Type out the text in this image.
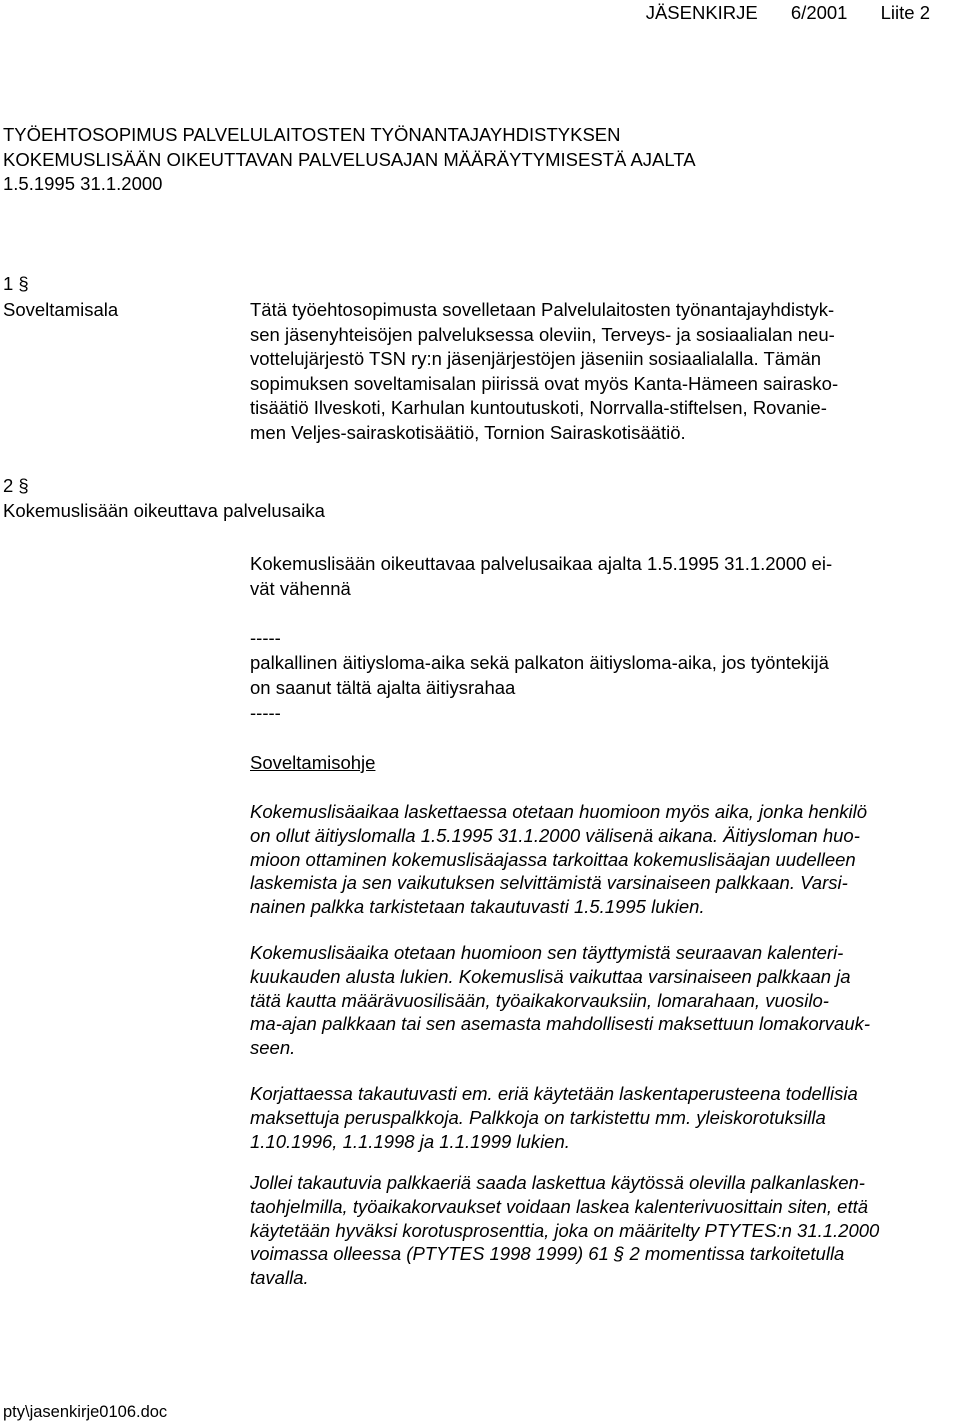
JÄSENKIRJE 6/2001 Liite 2
TYÖEHTOSOPIMUS PALVELULAITOSTEN TYÖNANTAJAYHDISTYKSEN
KOKEMUSLISÄÄN OIKEUTTAVAN PALVELUSAJAN MÄÄRÄYTYMISESTÄ AJALTA
1.5.1995 31.1.2000
1 §
Soveltamisala	Tätä työehtosopimusta sovelletaan Palvelulaitosten työnantajayhdistyk-
sen jäsenyhteisöjen palveluksessa oleviin, Terveys- ja sosiaalialan neu-
vottelujärjestö TSN ry:n jäsenjärjestöjen jäseniin sosiaalialalla. Tämän
sopimuksen soveltamisalan piirissä ovat myös Kanta-Hämeen sairasko-
tisäätiö Ilveskoti, Karhulan kuntoutuskoti, Norrvalla-stiftelsen, Rovanie-
men Veljes-sairaskotisäätiö, Tornion Sairaskotisäätiö.
2 §
Kokemuslisään oikeuttava palvelusaika
Kokemuslisään oikeuttavaa palvelusaikaa ajalta 1.5.1995 31.1.2000 ei-
vät vähennä
-----
palkallinen äitiysloma-aika sekä palkaton äitiysloma-aika, jos työntekijä
on saanut tältä ajalta äitiysrahaa
-----
Soveltamisohje
Kokemuslisäaikaa laskettaessa otetaan huomioon myös aika, jonka henkilö
on ollut äitiyslomalla 1.5.1995 31.1.2000 välisenä aikana. Äitiysloman huo-
mioon ottaminen kokemuslisäajassa tarkoittaa kokemuslisäajan uudelleen
laskemista ja sen vaikutuksen selvittämistä varsinaiseen palkkaan. Varsi-
nainen palkka tarkistetaan takautuvasti 1.5.1995 lukien.
Kokemuslisäaika otetaan huomioon sen täyttymistä seuraavan kalenteri-
kuukauden alusta lukien. Kokemuslisä vaikuttaa varsinaiseen palkkaan ja
tätä kautta määrävuosilisään, työaikakorvauksiin, lomarahaan, vuosilo-
ma-ajan palkkaan tai sen asemasta mahdollisesti maksettuun lomakorvauk-
seen.
Korjattaessa takautuvasti em. eriä käytetään laskentaperusteena todellisia
maksettuja peruspalkkoja. Palkkoja on tarkistettu mm. yleiskorotuksilla
1.10.1996, 1.1.1998 ja 1.1.1999 lukien.
Jollei takautuvia palkkaeriä saada laskettua käytössä olevilla palkanlasken-
taohjelmilla, työaikakorvaukset voidaan laskea kalenterivuosittain siten, että
käytetään hyväksi korotusprosenttia, joka on määritelty PTYTES:n 31.1.2000
voimassa olleessa (PTYTES 1998 1999) 61 § 2 momentissa tarkoitetulla
tavalla.
pty\jasenkirje0106.doc
